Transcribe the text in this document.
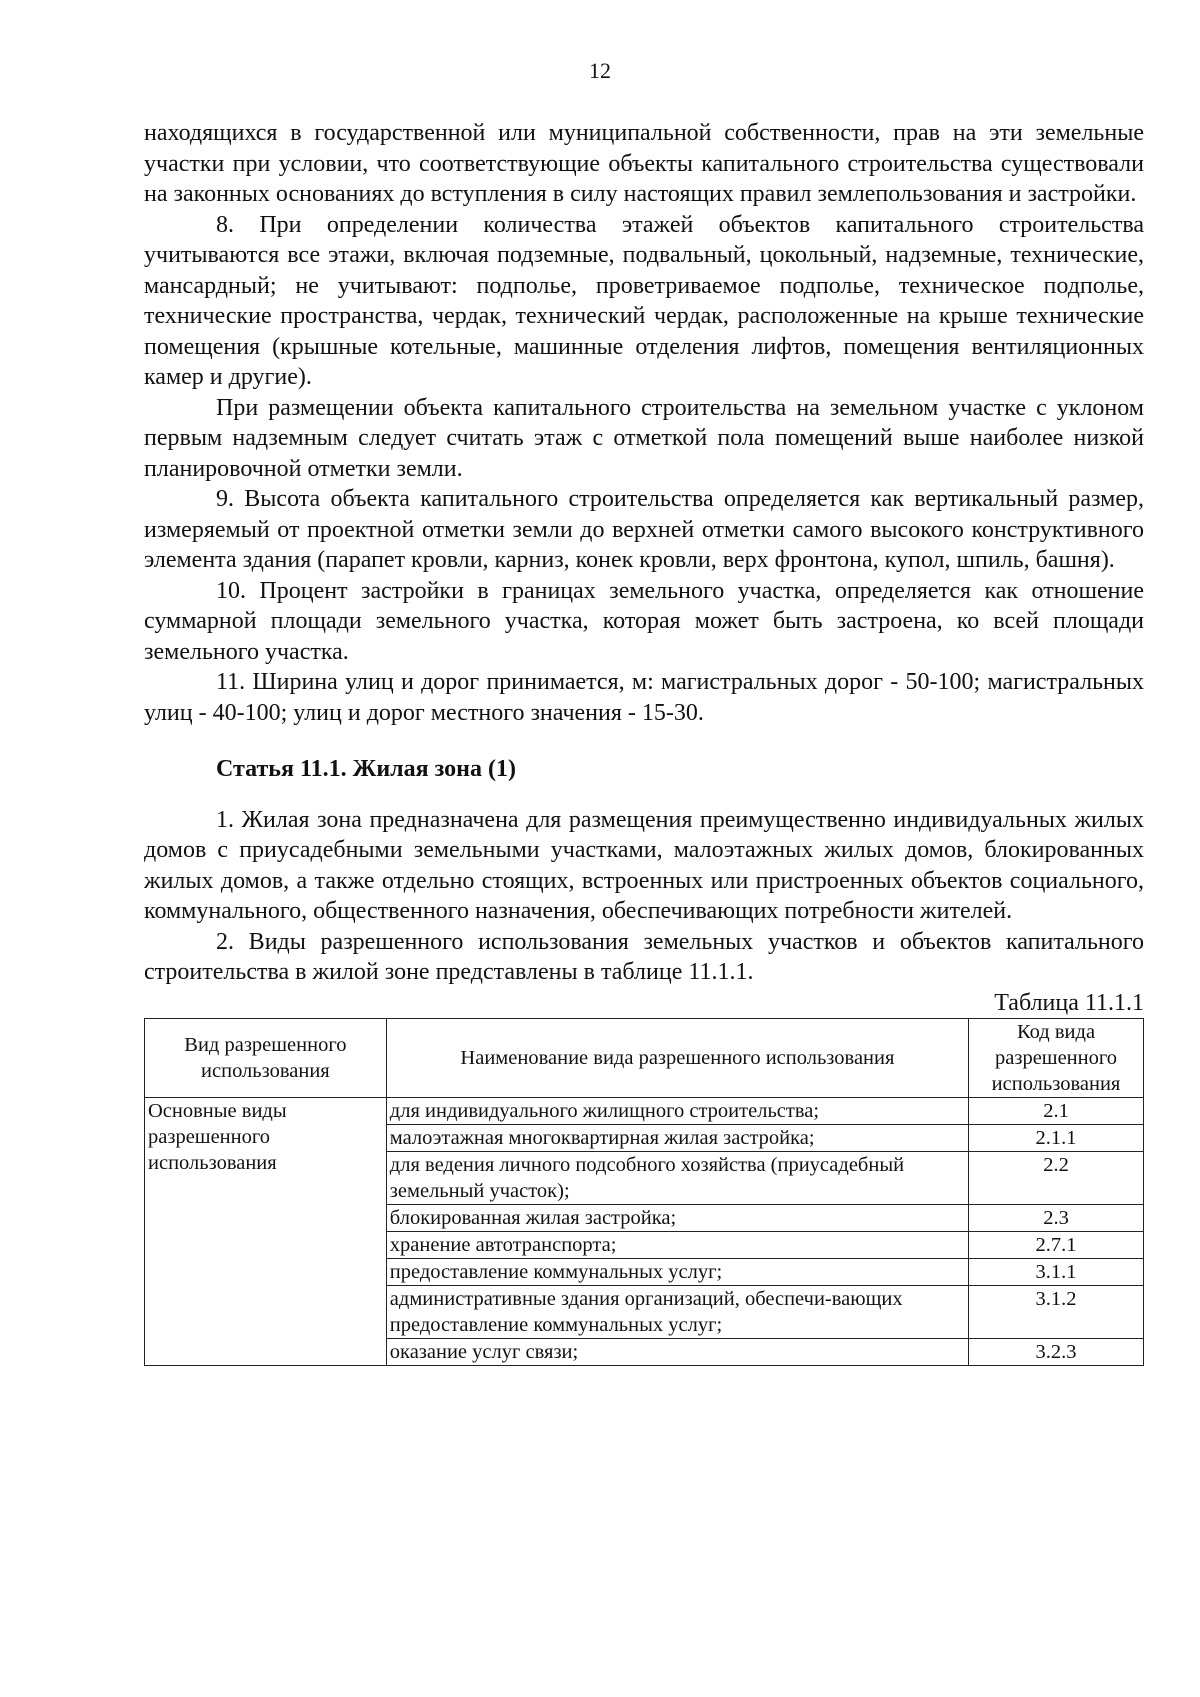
12

находящихся в государственной или муниципальной собственности, прав на эти земельные участки при условии, что соответствующие объекты капитального строительства существовали на законных основаниях до вступления в силу настоящих правил землепользования и застройки.

8. При определении количества этажей объектов капитального строительства учитываются все этажи, включая подземные, подвальный, цокольный, надземные, технические, мансардный; не учитывают: подполье, проветриваемое подполье, техническое подполье, технические пространства, чердак, технический чердак, расположенные на крыше технические помещения (крышные котельные, машинные отделения лифтов, помещения вентиляционных камер и другие).

При размещении объекта капитального строительства на земельном участке с уклоном первым надземным следует считать этаж с отметкой пола помещений выше наиболее низкой планировочной отметки земли.

9. Высота объекта капитального строительства определяется как вертикальный размер, измеряемый от проектной отметки земли до верхней отметки самого высокого конструктивного элемента здания (парапет кровли, карниз, конек кровли, верх фронтона, купол, шпиль, башня).

10. Процент застройки в границах земельного участка, определяется как отношение суммарной площади земельного участка, которая может быть застроена, ко всей площади земельного участка.

11. Ширина улиц и дорог принимается, м: магистральных дорог - 50-100; магистральных улиц - 40-100; улиц и дорог местного значения - 15-30.

Статья 11.1. Жилая зона (1)

1. Жилая зона предназначена для размещения преимущественно индивидуальных жилых домов с приусадебными земельными участками, малоэтажных жилых домов, блокированных жилых домов, а также отдельно стоящих, встроенных или пристроенных объектов социального, коммунального, общественного назначения, обеспечивающих потребности жителей.

2. Виды разрешенного использования земельных участков и объектов капитального строительства в жилой зоне представлены в таблице 11.1.1.

Таблица 11.1.1

Вид разрешенного использования	Наименование вида разрешенного использования	Код вида разрешенного использования
Основные виды разрешенного использования	для индивидуального жилищного строительства;	2.1
	малоэтажная многоквартирная жилая застройка;	2.1.1
	для ведения личного подсобного хозяйства (приусадебный земельный участок);	2.2
	блокированная жилая застройка;	2.3
	хранение автотранспорта;	2.7.1
	предоставление коммунальных услуг;	3.1.1
	административные здания организаций, обеспечи-вающих предоставление коммунальных услуг;	3.1.2
	оказание услуг связи;	3.2.3
